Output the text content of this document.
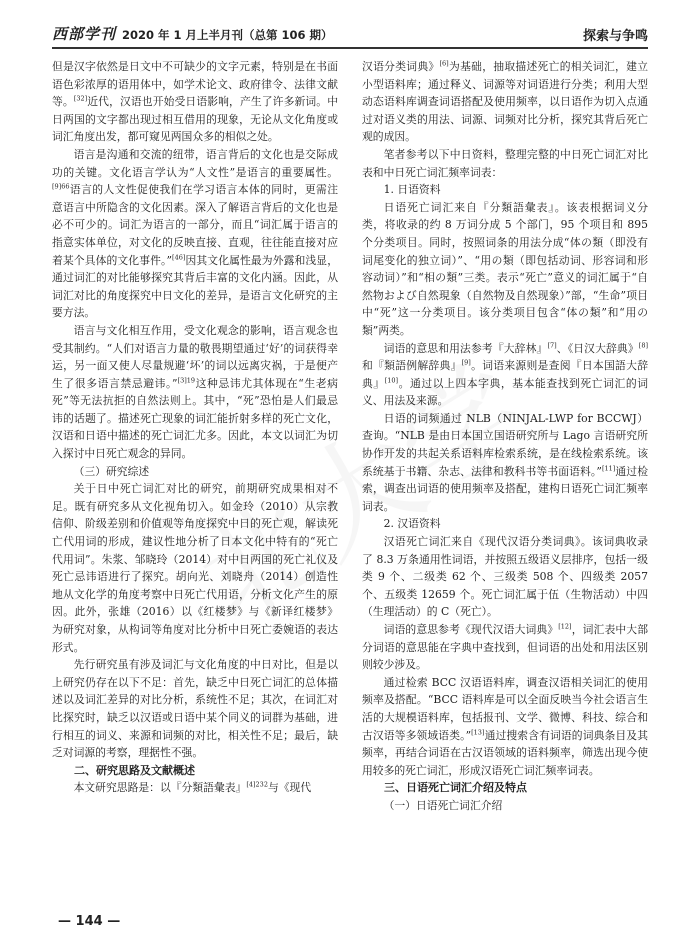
西部学刊 2020 年 1 月上半月刊（总第 106 期）	探索与争鸣

但是汉字依然是日文中不可缺少的文字元素，特别是在书面语色彩浓厚的语用体中，如学术论文、政府律令、法律文献等。[32]近代，汉语也开始受日语影响，产生了许多新词。中日两国的文字都出现过相互借用的现象，无论从文化角度或词汇角度出发，都可窥见两国众多的相似之处。

语言是沟通和交流的纽带，语言背后的文化也是交际成功的关键。文化语言学认为“人文性”是语言的重要属性。$^{[9]66}$语言的人文性促使我们在学习语言本体的同时，更需注意语言中所隐含的文化因素。深入了解语言背后的文化也是必不可少的。词汇为语言的一部分，而且“词汇属于语言的指意实体单位，对文化的反映直接、直观，往往能直接对应着某个具体的文化事件。”[46]因其文化属性最为外露和浅显，通过词汇的对比能够探究其背后丰富的文化内涵。因此，从词汇对比的角度探究中日文化的差异，是语言文化研究的主要方法。

语言与文化相互作用，受文化观念的影响，语言观念也受其制约。“人们对语言力量的敬畏期望通过‘好’的词获得幸运，另一面又使人尽量规避‘坏’的词以远离灾祸，于是便产生了很多语言禁忌避讳。”$^{[3]19}$这种忌讳尤其体现在“生老病死”等无法抗拒的自然法则上。其中，“死”恐怕是人们最忌讳的话题了。描述死亡现象的词汇能折射多样的死亡文化，汉语和日语中描述的死亡词汇尤多。因此，本文以词汇为切入探讨中日死亡观念的异同。

（三）研究综述

关于日中死亡词汇对比的研究，前期研究成果相对不足。既有研究多从文化视角切入。如金玲（2010）从宗教信仰、阶级差别和价值观等角度探究中日的死亡观，解读死亡代用词的形成，建议性地分析了日本文化中特有的“死亡代用词”。朱浆、邹晓玲（2014）对中日两国的死亡礼仪及死亡忌讳语进行了探究。胡向光、刘晓舟（2014）创造性地从文化学的角度考察中日死亡代用语，分析文化产生的原因。此外，张雄（2016）以《红楼梦》与《新译红楼梦》为研究对象，从构词等角度对比分析中日死亡委婉语的表达形式。

先行研究虽有涉及词汇与文化角度的中日对比，但是以上研究仍存在以下不足：首先，缺乏中日死亡词汇的总体描述以及词汇差异的对比分析，系统性不足；其次，在词汇对比探究时，缺乏以汉语或日语中某个同义的词群为基础，进行相互的词义、来源和词频的对比，相关性不足；最后，缺乏对词源的考察，理据性不强。

二、研究思路及文献概述

本文研究思路是：以『分類語彙表』$^{[4]232}$与《现代

汉语分类词典》[6]为基础，抽取描述死亡的相关词汇，建立小型语料库；通过释义、词源等对词语进行分类；利用大型动态语料库调查词语搭配及使用频率，以日语作为切入点通过对语义类的用法、词源、词频对比分析，探究其背后死亡观的成因。

笔者参考以下中日资料，整理完整的中日死亡词汇对比表和中日死亡词汇频率词表：

1. 日语资料

日语死亡词汇来自『分類語彙表』。该表根据词义分类，将收录的约 8 万词分成 5 个部门，95 个项目和 895 个分类项目。同时，按照词条的用法分成“体の類（即没有词尾变化的独立词）”、“用の類（即包括动词、形容词和形容动词）”和“相の類”三类。表示“死亡”意义的词汇属于“自然物および自然現象（自然物及自然现象）”部，“生命”项目中“死”这一分类项目。该分类项目包含“体の類”和“用の類”两类。

词语的意思和用法参考『大辞林』[7]、《日汉大辞典》[8]和『類語例解辞典』[9]。词语来源则是查阅『日本国語大辞典』[10]。通过以上四本字典，基本能查找到死亡词汇的词义、用法及来源。

日语的词频通过 NLB（NINJAL-LWP for BCCWJ）查询。“NLB 是由日本国立国语研究所与 Lago 言语研究所协作开发的共起关系语料库检索系统，是在线检索系统。该系统基于书籍、杂志、法律和教科书等书面语料。”[11]通过检索，调查出词语的使用频率及搭配，建构日语死亡词汇频率词表。

2. 汉语资料

汉语死亡词汇来自《现代汉语分类词典》。该词典收录了 8.3 万条通用性词语，并按照五级语义层排序，包括一级类 9 个、二级类 62 个、三级类 508 个、四级类 2057 个、五级类 12659 个。死亡词汇属于伍（生物活动）中四（生理活动）的 C（死亡）。

词语的意思参考《现代汉语大词典》[12]，词汇表中大部分词语的意思能在字典中查找到，但词语的出处和用法区别则较少涉及。

通过检索 BCC 汉语语料库，调查汉语相关词汇的使用频率及搭配。“BCC 语料库是可以全面反映当今社会语言生活的大规模语料库，包括报刊、文学、微博、科技、综合和古汉语等多领域语类。”[13]通过搜索含有词语的词典条目及其频率，再结合词语在古汉语领域的语料频率，筛选出现今使用较多的死亡词汇，形成汉语死亡词汇频率词表。

三、日语死亡词汇介绍及特点
（一）日语死亡词汇介绍
— 144 —
